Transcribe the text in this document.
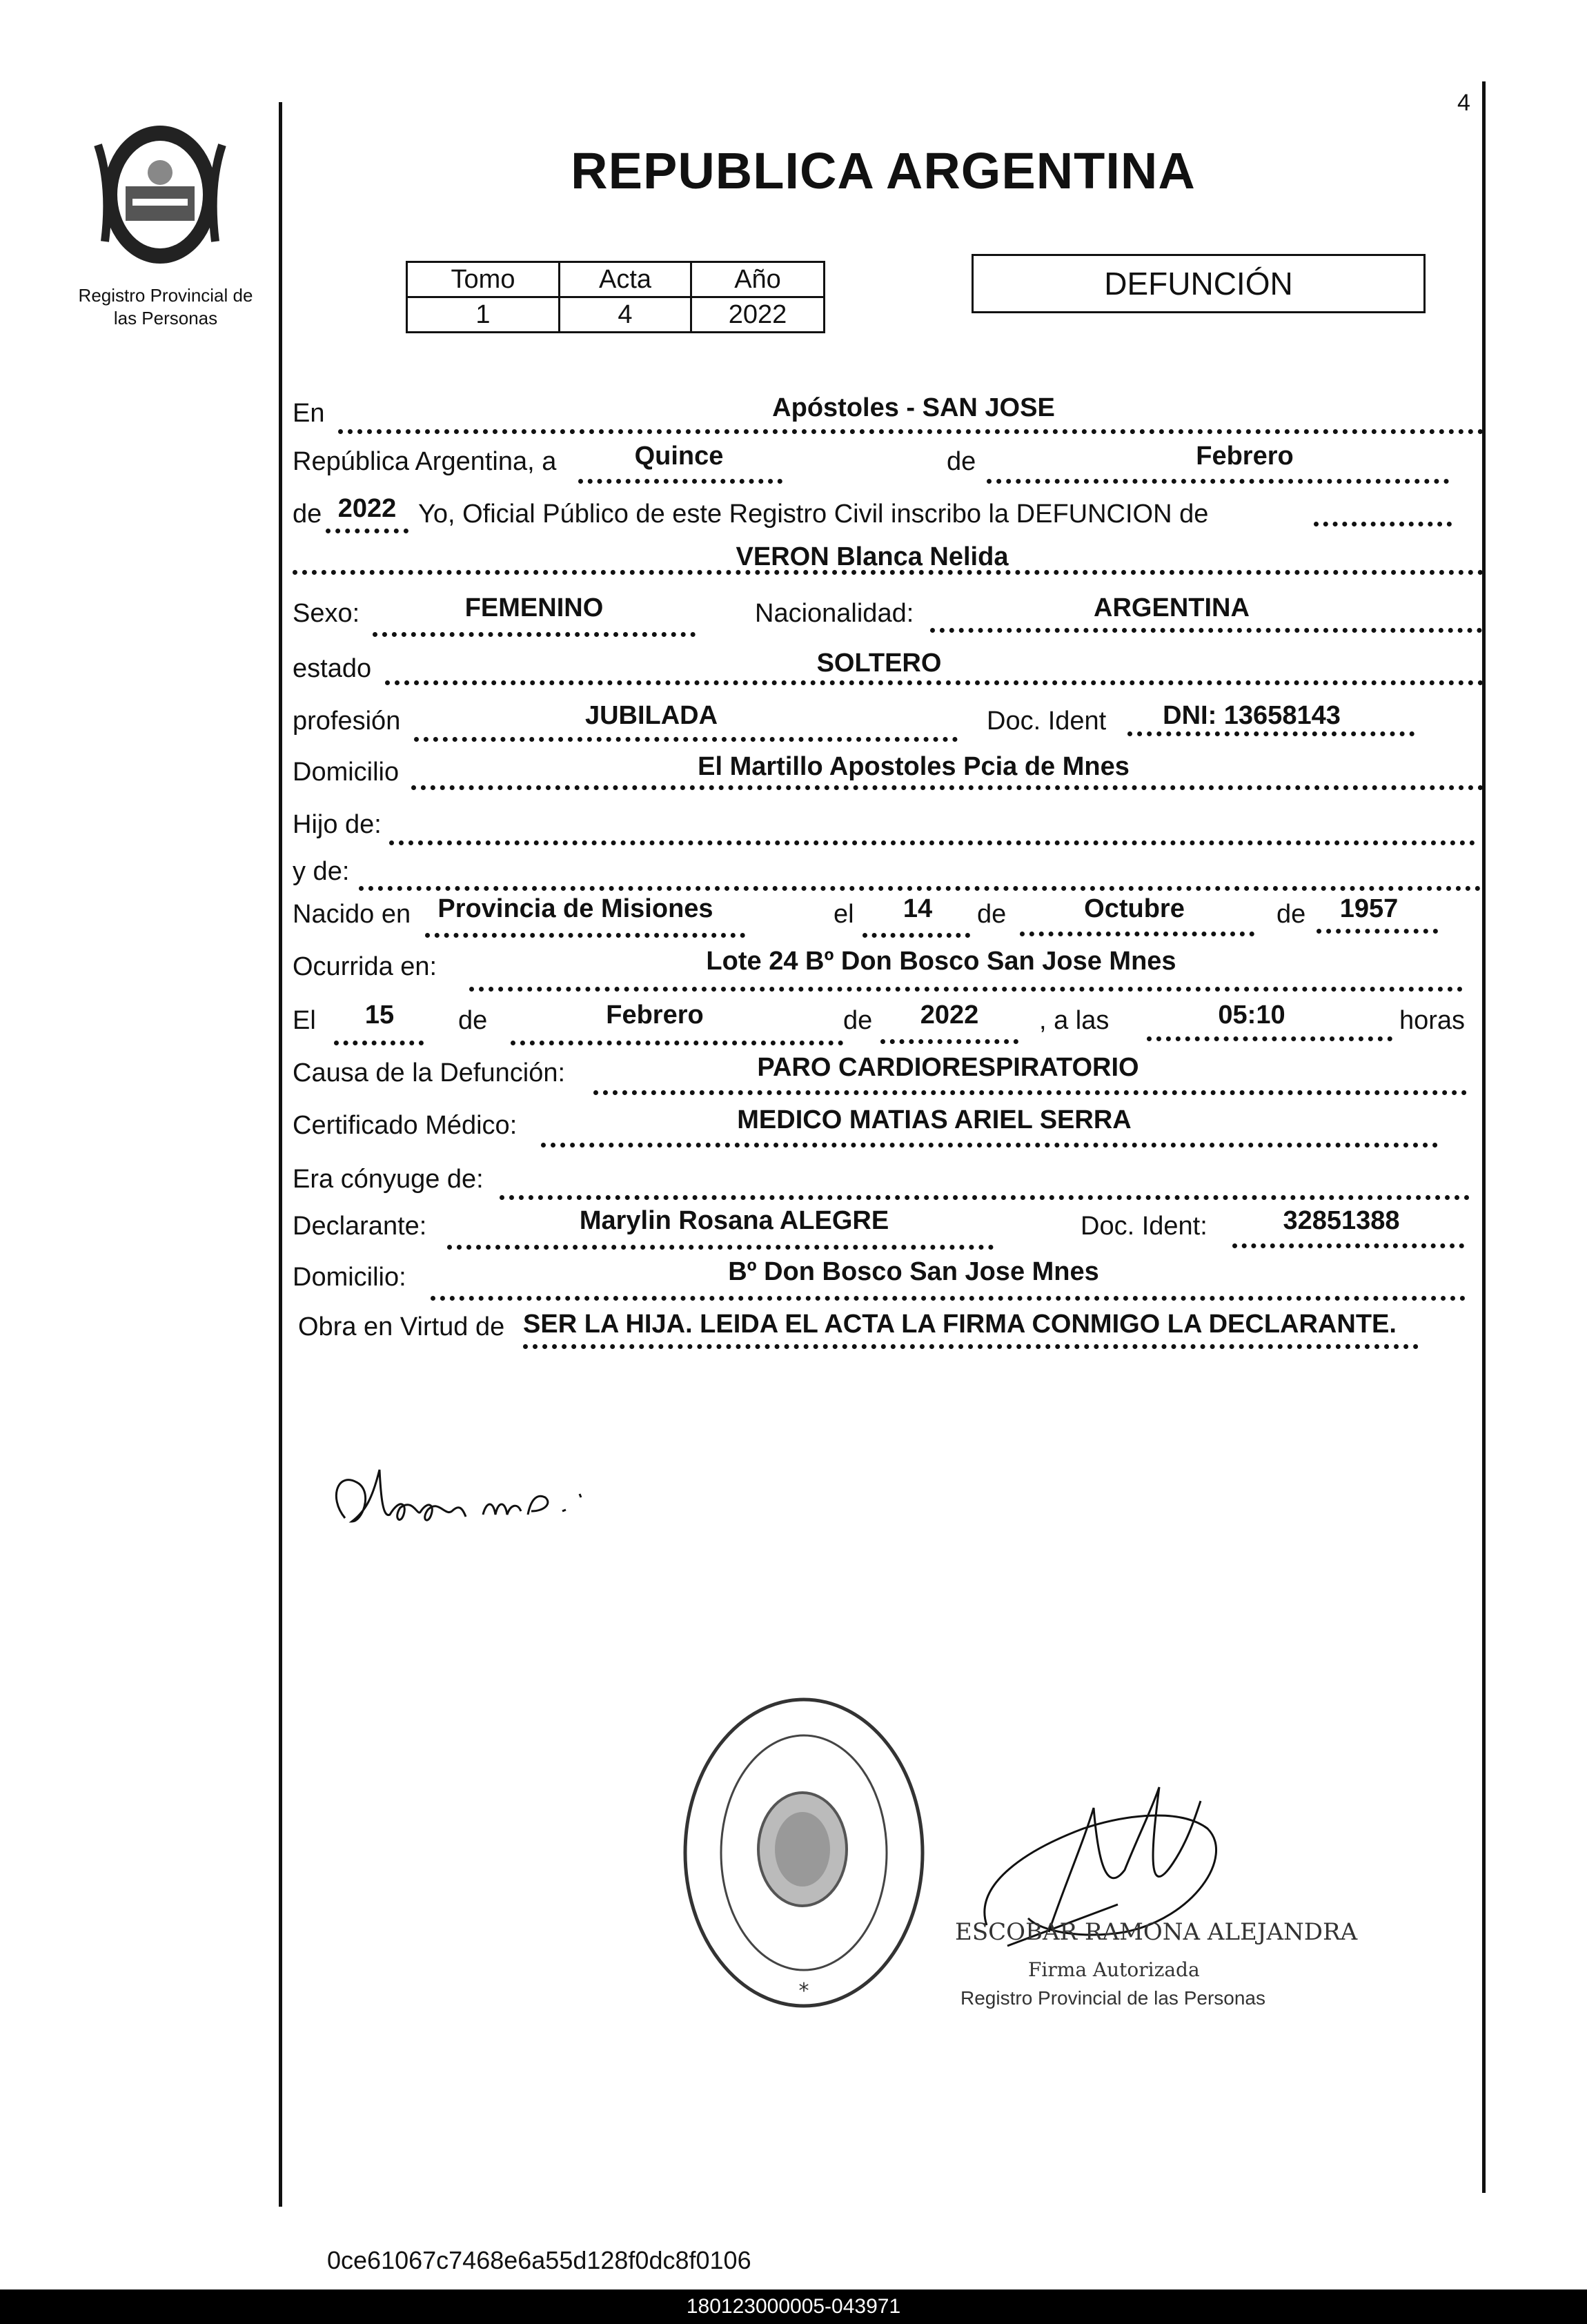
Registro Provincial de
las Personas
4
REPUBLICA ARGENTINA
Tomo	Acta	Año
1	4	2022
DEFUNCIÓN
En	Apóstoles - SAN JOSE
República Argentina, a	Quince	de	Febrero
de 2022 Yo, Oficial Público de este Registro Civil inscribo la DEFUNCION de
VERON Blanca Nelida
Sexo:	FEMENINO	Nacionalidad:	ARGENTINA
estado	SOLTERO
profesión	JUBILADA	Doc. Ident	DNI: 13658143
Domicilio	El Martillo Apostoles Pcia de Mnes
Hijo de:
y de:
Nacido en	Provincia de Misiones	el	14	de	Octubre	de	1957
Ocurrida en:	Lote 24 Bº Don Bosco San Jose Mnes
El	15	de	Febrero	de	2022	, a las	05:10	horas
Causa de la Defunción:	PARO CARDIORESPIRATORIO
Certificado Médico:	MEDICO MATIAS ARIEL SERRA
Era cónyuge de:
Declarante:	Marylin Rosana ALEGRE	Doc. Ident:	32851388
Domicilio:	Bº Don Bosco San Jose Mnes
Obra en Virtud de SER LA HIJA. LEIDA EL ACTA LA FIRMA CONMIGO LA DECLARANTE.
*
ESCOBAR RAMONA ALEJANDRA
Firma Autorizada
Registro Provincial de las Personas
0ce61067c7468e6a55d128f0dc8f0106
180123000005-043971
